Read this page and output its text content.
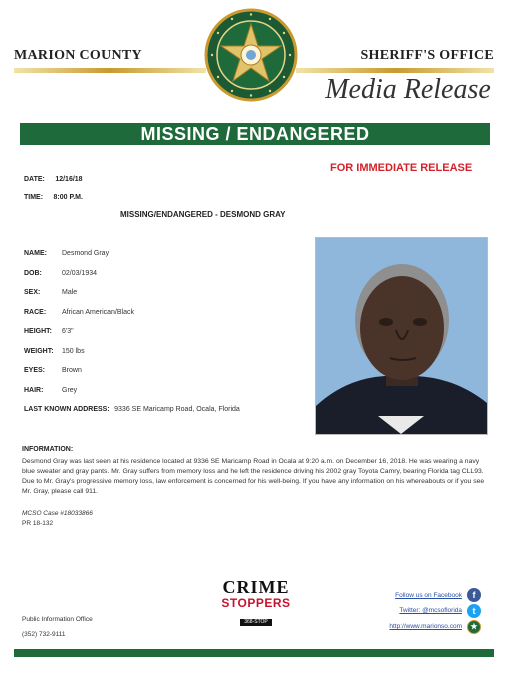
MARION COUNTY	SHERIFF'S OFFICE
Media Release
MISSING / ENDANGERED
DATE: 12/16/18
TIME: 8:00 P.M.
FOR IMMEDIATE RELEASE
MISSING/ENDANGERED - DESMOND GRAY
NAME: Desmond Gray
DOB:	02/03/1934
SEX:	Male
RACE: African American/Black
HEIGHT: 6'3"
WEIGHT: 150 lbs
EYES: Brown
HAIR:	Grey
LAST KNOWN ADDRESS: 9336 SE Maricamp Road, Ocala, Florida
INFORMATION:
Desmond Gray was last seen at his residence located at 9336 SE Maricamp Road in Ocala at 9:20 a.m. on December 16, 2018. He was wearing a navy blue sweater and gray pants. Mr. Gray suffers from memory loss and he left the residence driving his 2002 gray Toyota Camry, bearing Florida tag CLL93. Due to Mr. Gray's progressive memory loss, law enforcement is concerned for his well-being. If you have any information on his whereabouts or if you see Mr. Gray, please call 911.
MCSO Case #18033866
PR 18-132
Public Information Office
(352) 732-9111
CRIME
STOPPERS
368-STOP
Follow us on Facebook	f
Twitter: @mcsoflorida	t
http://www.marionso.com	★
